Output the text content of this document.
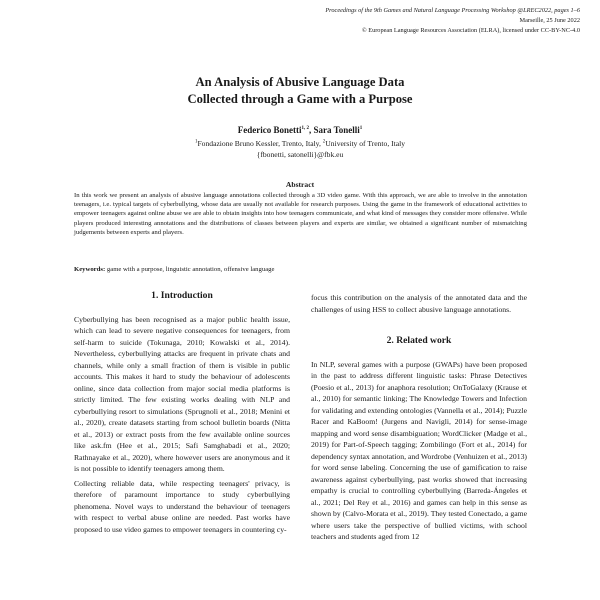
Proceedings of the 9th Games and Natural Language Processing Workshop @LREC2022, pages 1–6
Marseille, 25 June 2022
© European Language Resources Association (ELRA), licensed under CC-BY-NC-4.0
An Analysis of Abusive Language Data
Collected through a Game with a Purpose
Federico Bonetti$^{1, 2}$, Sara Tonelli$^1$
$^1$Fondazione Bruno Kessler, Trento, Italy, $^2$University of Trento, Italy
{fbonetti, satonelli}@fbk.eu
Abstract
In this work we present an analysis of abusive language annotations collected through a 3D video game. With this approach, we are able to involve in the annotation teenagers, i.e. typical targets of cyberbullying, whose data are usually not available for research purposes. Using the game in the framework of educational activities to empower teenagers against online abuse we are able to obtain insights into how teenagers communicate, and what kind of messages they consider more offensive. While players produced interesting annotations and the distributions of classes between players and experts are similar, we obtained a significant number of mismatching judgements between experts and players.
Keywords: game with a purpose, linguistic annotation, offensive language
1. Introduction

Cyberbullying has been recognised as a major public health issue, which can lead to severe negative consequences for teenagers, from self-harm to suicide (Tokunaga, 2010; Kowalski et al., 2014). Nevertheless, cyberbullying attacks are frequent in private chats and channels, while only a small fraction of them is visible in public accounts. This makes it hard to study the behaviour of adolescents online, since data collection from major social media platforms is strictly limited. The few existing works dealing with NLP and cyberbullying resort to simulations (Sprugnoli et al., 2018; Menini et al., 2020), create datasets starting from school bulletin boards (Nitta et al., 2013) or extract posts from the few available online sources like ask.fm (Hee et al., 2015; Safi Samghabadi et al., 2020; Rathnayake et al., 2020), where however users are anonymous and it is not possible to identify teenagers among them.

Collecting reliable data, while respecting teenagers' privacy, is therefore of paramount importance to study cyberbullying phenomena. Novel ways to understand the behaviour of teenagers with respect to verbal abuse online are needed. Past works have proposed to use video games to empower teenagers in countering cy-

focus this contribution on the analysis of the annotated data and the challenges of using HSS to collect abusive language annotations.

2. Related work

In NLP, several games with a purpose (GWAPs) have been proposed in the past to address different linguistic tasks: Phrase Detectives (Poesio et al., 2013) for anaphora resolution; OnToGalaxy (Krause et al., 2010) for semantic linking; The Knowledge Towers and Infection for validating and extending ontologies (Vannella et al., 2014); Puzzle Racer and KaBoom! (Jurgens and Navigli, 2014) for sense-image mapping and word sense disambiguation; WordClicker (Madge et al., 2019) for Part-of-Speech tagging; Zombilingo (Fort et al., 2014) for dependency syntax annotation, and Wordrobe (Venhuizen et al., 2013) for word sense labeling. Concerning the use of gamification to raise awareness against cyberbullying, past works showed that increasing empathy is crucial to controlling cyberbullying (Barreda-Ángeles et al., 2021; Del Rey et al., 2016) and games can help in this sense as shown by (Calvo-Morata et al., 2019). They tested Conectado, a game where users take the perspective of bullied victims, with school teachers and students aged from 12
